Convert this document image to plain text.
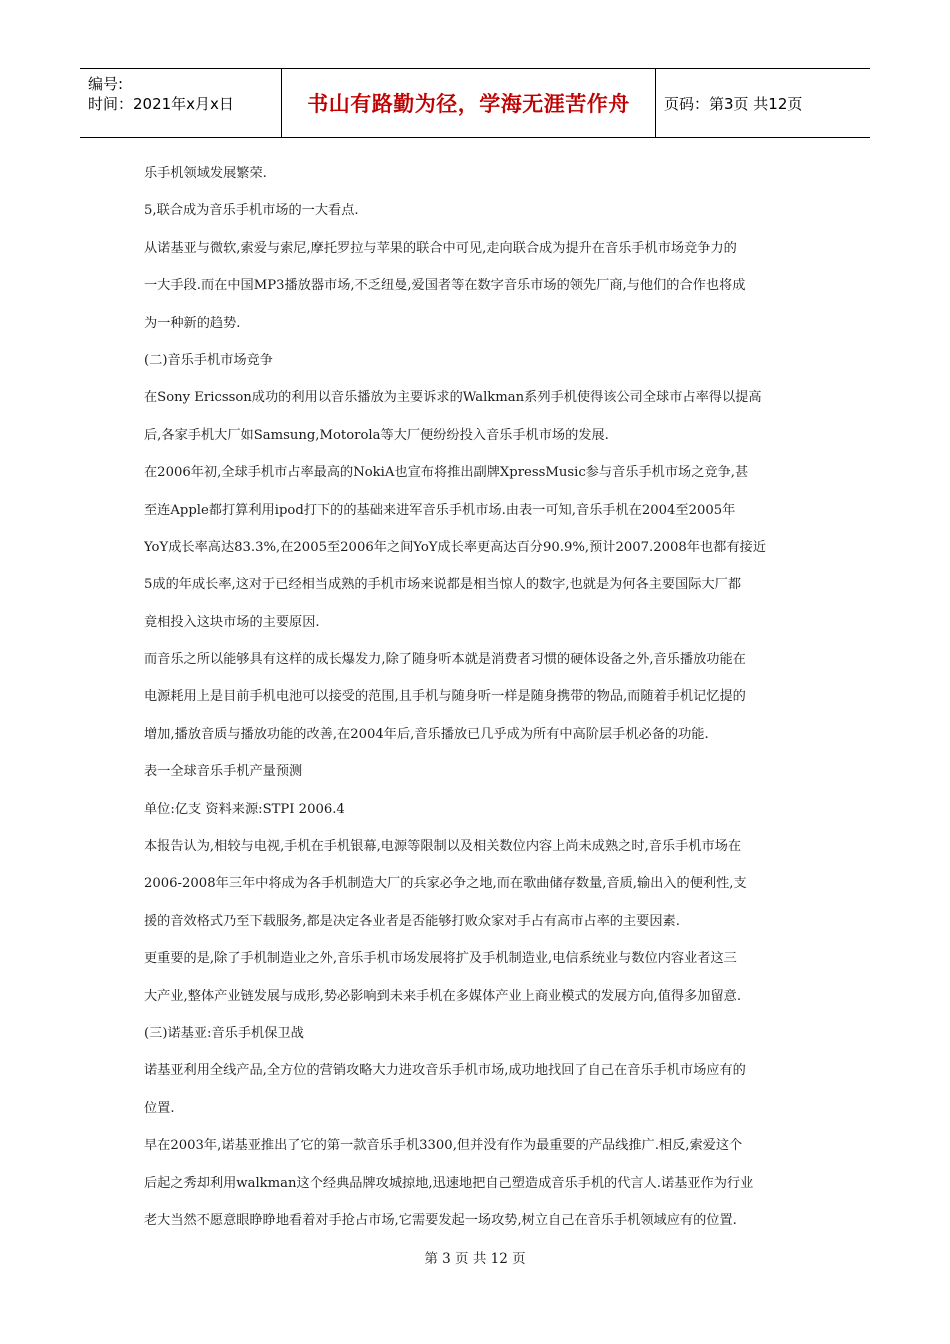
编号:
时间：2021年x月x日	书山有路勤为径，学海无涯苦作舟 页码：第3页 共12页
乐手机领域发展繁荣.
5,联合成为音乐手机市场的一大看点.
从诺基亚与微软,索爱与索尼,摩托罗拉与苹果的联合中可见,走向联合成为提升在音乐手机市场竞争力的
一大手段.而在中国MP3播放器市场,不乏纽曼,爱国者等在数字音乐市场的领先厂商,与他们的合作也将成
为一种新的趋势.
(二)音乐手机市场竞争
在Sony Ericsson成功的利用以音乐播放为主要诉求的Walkman系列手机使得该公司全球市占率得以提高
后,各家手机大厂如Samsung,Motorola等大厂便纷纷投入音乐手机市场的发展.
在2006年初,全球手机市占率最高的NokiA也宣布将推出副牌XpressMusic参与音乐手机市场之竞争,甚
至连Apple都打算利用ipod打下的的基础来进军音乐手机市场.由表一可知,音乐手机在2004至2005年
YoY成长率高达83.3%,在2005至2006年之间YoY成长率更高达百分90.9%,预计2007.2008年也都有接近
5成的年成长率,这对于已经相当成熟的手机市场来说都是相当惊人的数字,也就是为何各主要国际大厂都
竟相投入这块市场的主要原因.
而音乐之所以能够具有这样的成长爆发力,除了随身听本就是消费者习惯的硬体设备之外,音乐播放功能在
电源耗用上是目前手机电池可以接受的范围,且手机与随身听一样是随身携带的物品,而随着手机记忆提的
增加,播放音质与播放功能的改善,在2004年后,音乐播放已几乎成为所有中高阶层手机必备的功能.
表一全球音乐手机产量预测
单位:亿支 资料来源:STPI 2006.4
本报告认为,相较与电视,手机在手机银幕,电源等限制以及相关数位内容上尚未成熟之时,音乐手机市场在
2006-2008年三年中将成为各手机制造大厂的兵家必争之地,而在歌曲储存数量,音质,输出入的便利性,支
援的音效格式乃至下载服务,都是决定各业者是否能够打败众家对手占有高市占率的主要因素.
更重要的是,除了手机制造业之外,音乐手机市场发展将扩及手机制造业,电信系统业与数位内容业者这三
大产业,整体产业链发展与成形,势必影响到未来手机在多媒体产业上商业模式的发展方向,值得多加留意.
(三)诺基亚:音乐手机保卫战
诺基亚利用全线产品,全方位的营销攻略大力进攻音乐手机市场,成功地找回了自己在音乐手机市场应有的
位置.
早在2003年,诺基亚推出了它的第一款音乐手机3300,但并没有作为最重要的产品线推广.相反,索爱这个
后起之秀却利用walkman这个经典品牌攻城掠地,迅速地把自己塑造成音乐手机的代言人.诺基亚作为行业
老大当然不愿意眼睁睁地看着对手抢占市场,它需要发起一场攻势,树立自己在音乐手机领域应有的位置.
第 3 页 共 12 页
